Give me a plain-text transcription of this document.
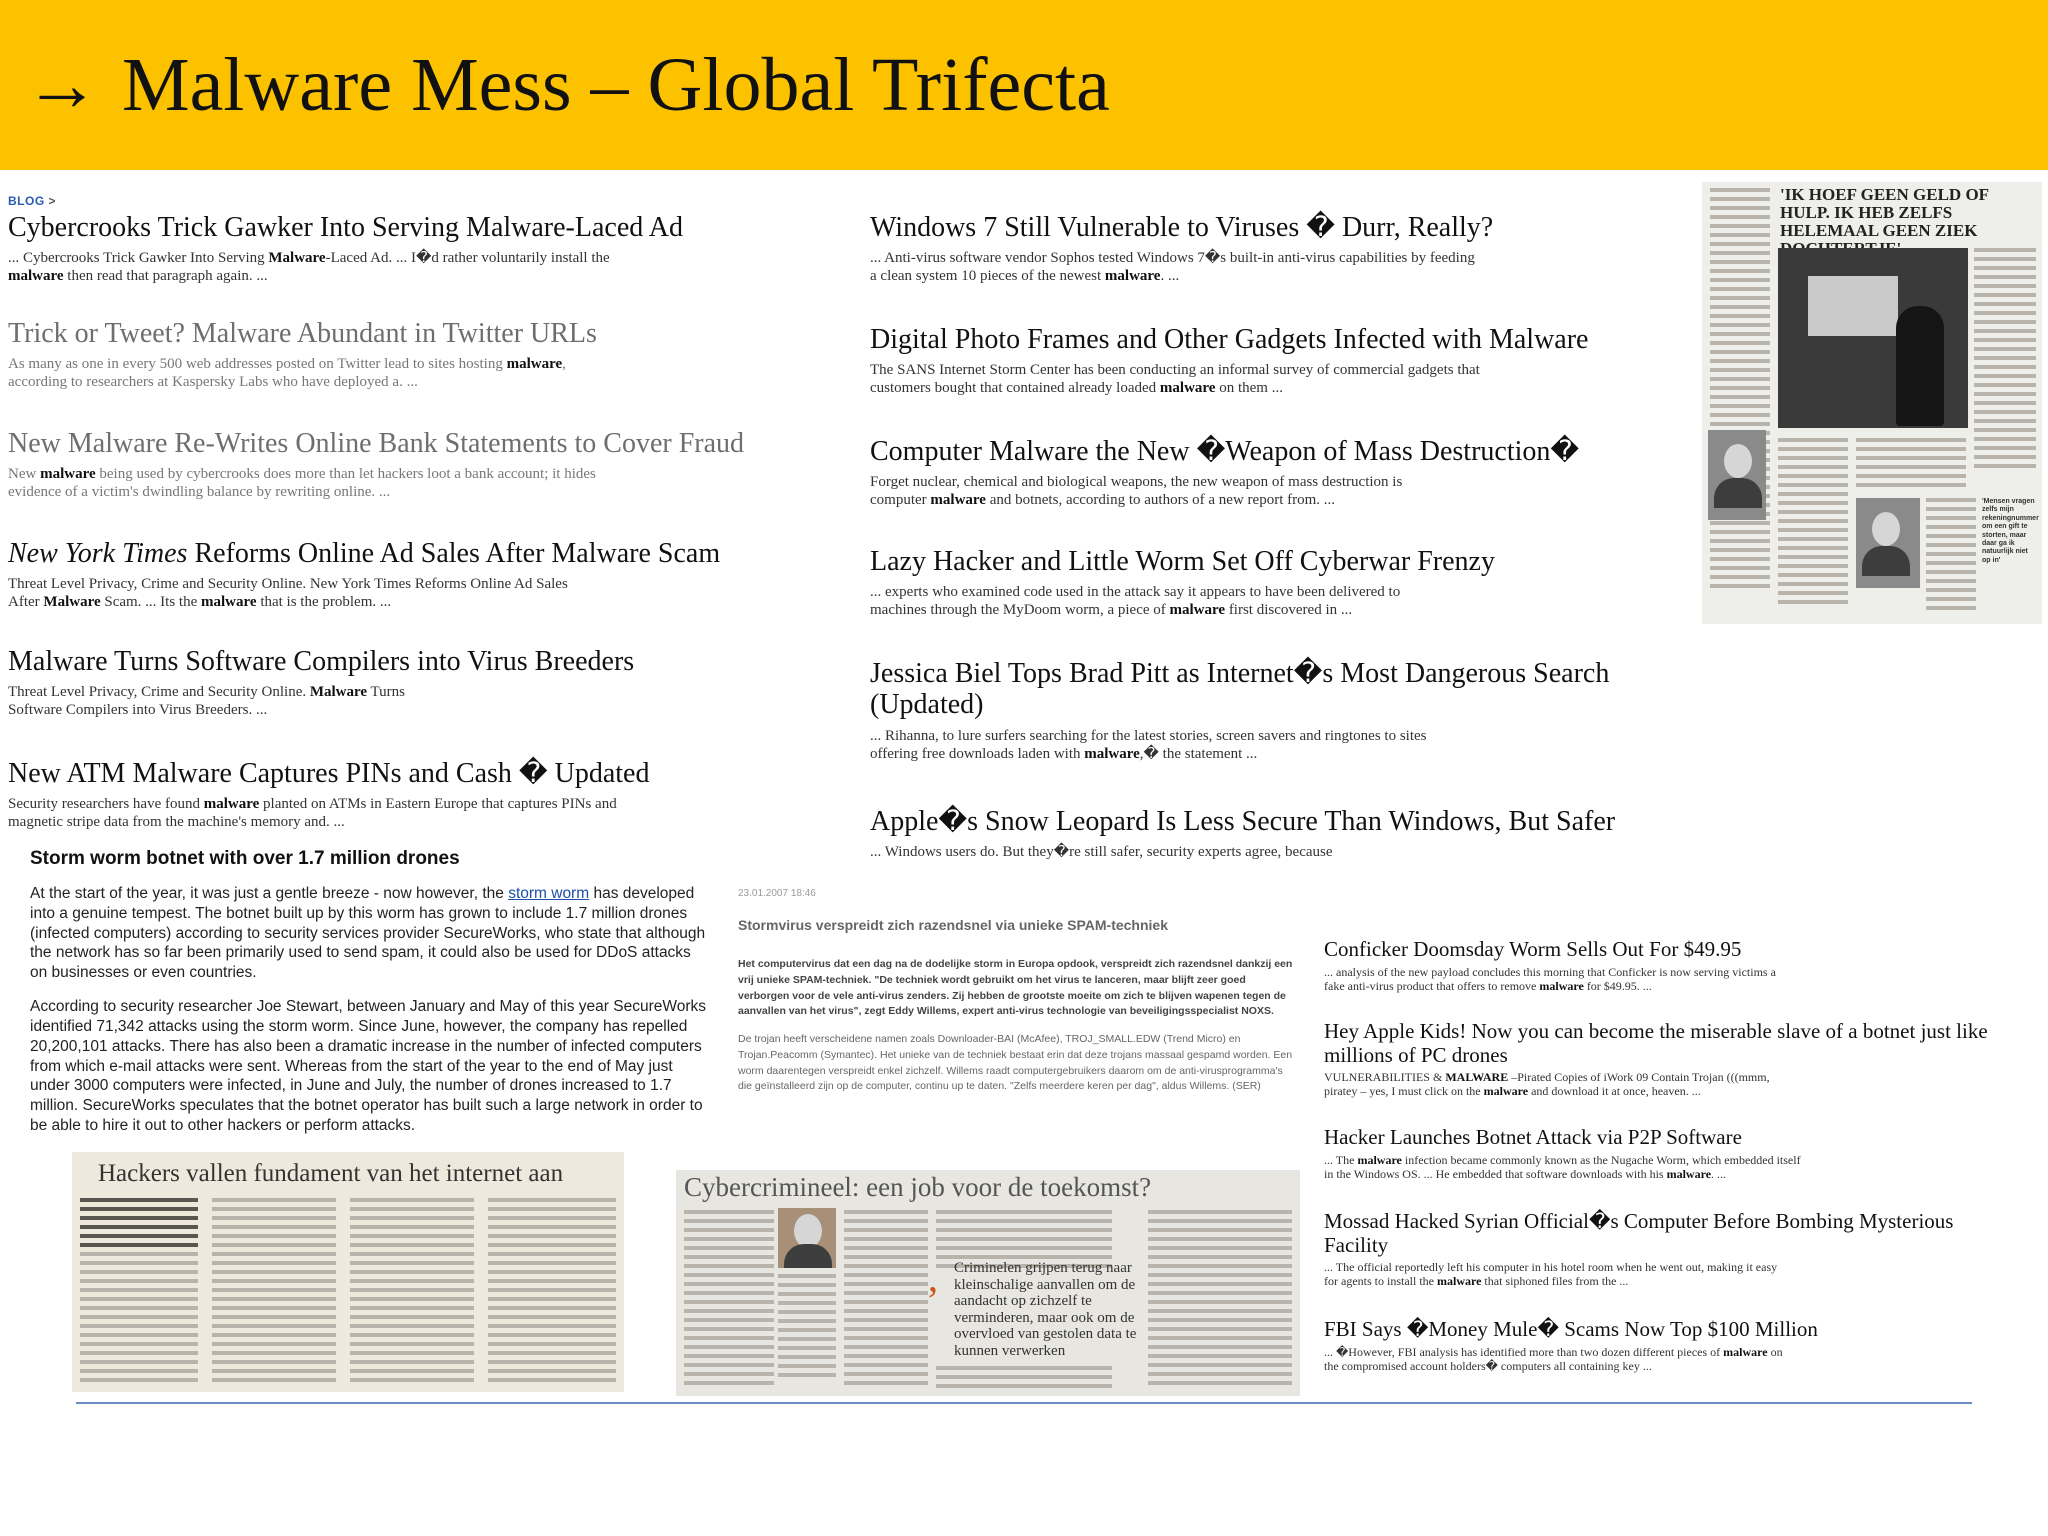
→ Malware Mess – Global Trifecta
BLOG >
Cybercrooks Trick Gawker Into Serving Malware-Laced Ad
... Cybercrooks Trick Gawker Into Serving Malware-Laced Ad. ... I�d rather voluntarily install the malware then read that paragraph again. ...
Trick or Tweet? Malware Abundant in Twitter URLs
As many as one in every 500 web addresses posted on Twitter lead to sites hosting malware, according to researchers at Kaspersky Labs who have deployed a. ...
New Malware Re-Writes Online Bank Statements to Cover Fraud
New malware being used by cybercrooks does more than let hackers loot a bank account; it hides evidence of a victim's dwindling balance by rewriting online. ...
New York Times Reforms Online Ad Sales After Malware Scam
Threat Level Privacy, Crime and Security Online. New York Times Reforms Online Ad Sales After Malware Scam. ... Its the malware that is the problem. ...
Malware Turns Software Compilers into Virus Breeders
Threat Level Privacy, Crime and Security Online. Malware Turns Software Compilers into Virus Breeders. ...
New ATM Malware Captures PINs and Cash � Updated
Security researchers have found malware planted on ATMs in Eastern Europe that captures PINs and magnetic stripe data from the machine's memory and. ...
Windows 7 Still Vulnerable to Viruses � Durr, Really?
... Anti-virus software vendor Sophos tested Windows 7�s built-in anti-virus capabilities by feeding a clean system 10 pieces of the newest malware. ...
Digital Photo Frames and Other Gadgets Infected with Malware
The SANS Internet Storm Center has been conducting an informal survey of commercial gadgets that customers bought that contained already loaded malware on them ...
Computer Malware the New �Weapon of Mass Destruction�
Forget nuclear, chemical and biological weapons, the new weapon of mass destruction is computer malware and botnets, according to authors of a new report from. ...
Lazy Hacker and Little Worm Set Off Cyberwar Frenzy
... experts who examined code used in the attack say it appears to have been delivered to machines through the MyDoom worm, a piece of malware first discovered in ...
Jessica Biel Tops Brad Pitt as Internet�s Most Dangerous Search (Updated)
... Rihanna, to lure surfers searching for the latest stories, screen savers and ringtones to sites offering free downloads laden with malware,� the statement ...
Apple�s Snow Leopard Is Less Secure Than Windows, But Safer
... Windows users do. But they�re still safer, security experts agree, because
'IK HOEF GEEN GELD OF HULP. IK HEB ZELFS HELEMAAL GEEN ZIEK
'Mensen vragen zelfs mijn rekeningnummer om een gift te storten, maar daar ga ik natuurlijk niet op in'
Storm worm botnet with over 1.7 million drones
At the start of the year, it was just a gentle breeze - now however, the storm worm has developed into a genuine tempest. The botnet built up by this worm has grown to include 1.7 million drones (infected computers) according to security services provider SecureWorks, who state that although the network has so far been primarily used to send spam, it could also be used for DDoS attacks on businesses or even countries.
According to security researcher Joe Stewart, between January and May of this year SecureWorks identified 71,342 attacks using the storm worm. Since June, however, the company has repelled 20,200,101 attacks. There has also been a dramatic increase in the number of infected computers from which e-mail attacks were sent. Whereas from the start of the year to the end of May just under 3000 computers were infected, in June and July, the number of drones increased to 1.7 million. SecureWorks speculates that the botnet operator has built such a large network in order to be able to hire it out to other hackers or perform attacks.
23.01.2007 18:46
Stormvirus verspreidt zich razendsnel via unieke SPAM-techniek
Het computervirus dat een dag na de dodelijke storm in Europa opdook, verspreidt zich razendsnel dankzij een vrij unieke SPAM-techniek. "De techniek wordt gebruikt om het virus te lanceren, maar blijft zeer goed verborgen voor de vele anti-virus zenders. Zij hebben de grootste moeite om zich te blijven wapenen tegen de aanvallen van het virus", zegt Eddy Willems, expert anti-virus technologie van beveiligingsspecialist NOXS.
De trojan heeft verscheidene namen zoals Downloader-BAI (McAfee), TROJ_SMALL.EDW (Trend Micro) en Trojan.Peacomm (Symantec). Het unieke van de techniek bestaat erin dat deze trojans massaal gespamd worden. Een worm daarentegen verspreidt enkel zichzelf. Willems raadt computergebruikers daarom om de anti-virusprogramma's die geïnstalleerd zijn op de computer, continu up te daten. "Zelfs meerdere keren per dag", aldus Willems. (SER)
Conficker Doomsday Worm Sells Out For $49.95
... analysis of the new payload concludes this morning that Conficker is now serving victims a fake anti-virus product that offers to remove malware for $49.95. ...
Hey Apple Kids! Now you can become the miserable slave of a botnet just like millions of PC drones
VULNERABILITIES & MALWARE –Pirated Copies of iWork 09 Contain Trojan (((mmm, piratey – yes, I must click on the malware and download it at once, heaven. ...
Hacker Launches Botnet Attack via P2P Software
... The malware infection became commonly known as the Nugache Worm, which embedded itself in the Windows OS. ... He embedded that software downloads with his malware. ...
Mossad Hacked Syrian Official�s Computer Before Bombing Mysterious Facility
... The official reportedly left his computer in his hotel room when he went out, making it easy for agents to install the malware that siphoned files from the ...
FBI Says �Money Mule� Scams Now Top $100 Million
... �However, FBI analysis has identified more than two dozen different pieces of malware on the compromised account holders� computers all containing key ...
Hackers vallen fundament van het internet aan	Cybercrimineel: een job voor de toekomst?
, Criminelen grijpen terug naar kleinschalige aanvallen om de aandacht op zichzelf te verminderen, maar ook om de overvloed van gestolen data te kunnen verwerken
